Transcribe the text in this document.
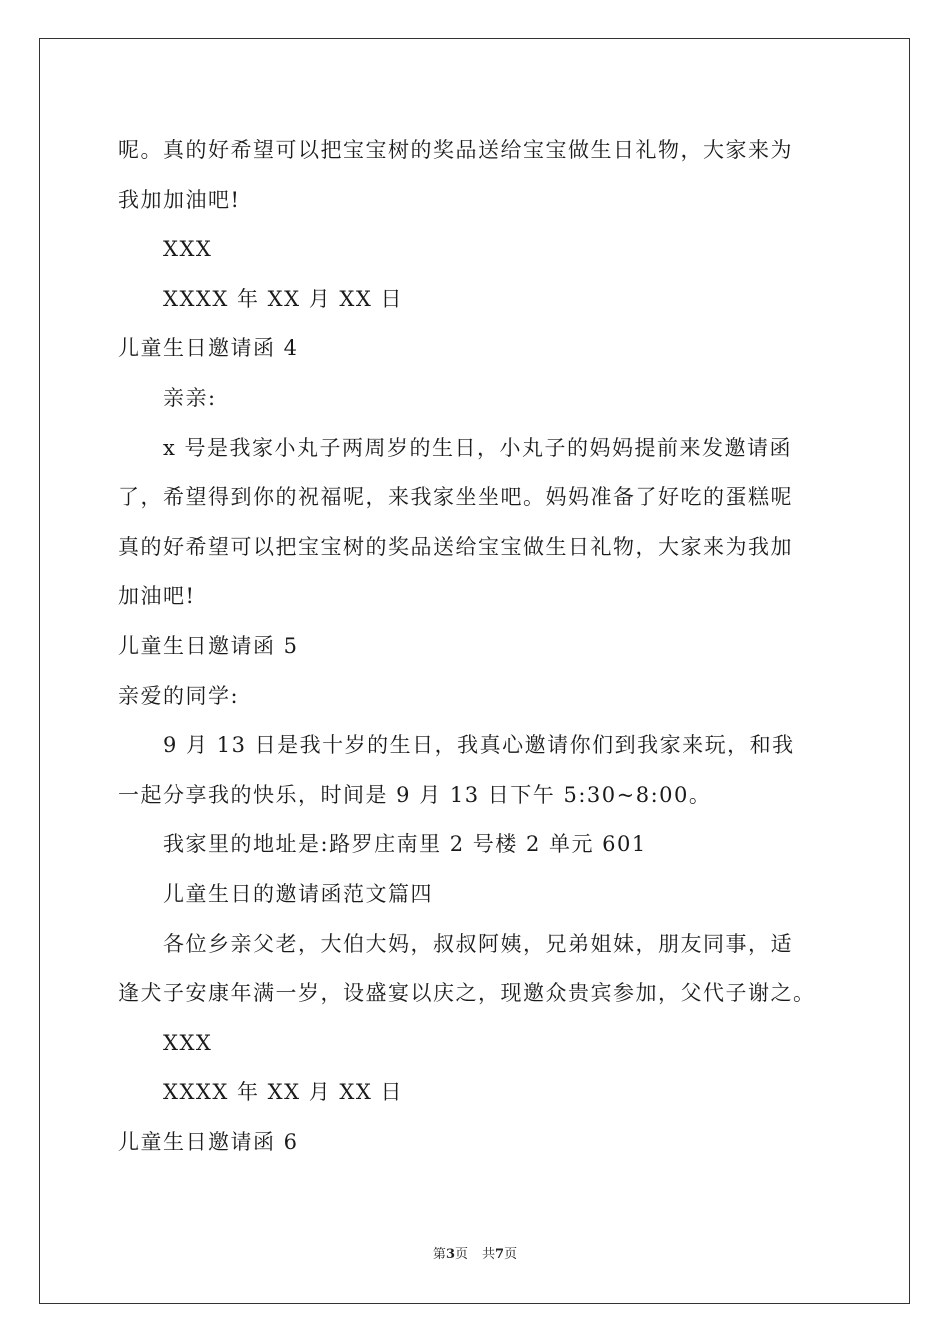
呢。真的好希望可以把宝宝树的奖品送给宝宝做生日礼物，大家来为
我加加油吧!
XXX
XXXX 年 XX 月 XX 日
儿童生日邀请函 4
亲亲:
x 号是我家小丸子两周岁的生日，小丸子的妈妈提前来发邀请函
了，希望得到你的祝福呢，来我家坐坐吧。妈妈准备了好吃的蛋糕呢
真的好希望可以把宝宝树的奖品送给宝宝做生日礼物，大家来为我加
加油吧!
儿童生日邀请函 5
亲爱的同学:
9 月 13 日是我十岁的生日，我真心邀请你们到我家来玩，和我
一起分享我的快乐，时间是 9 月 13 日下午 5:30~8:00。
我家里的地址是:路罗庄南里 2 号楼 2 单元 601
儿童生日的邀请函范文篇四
各位乡亲父老，大伯大妈，叔叔阿姨，兄弟姐妹，朋友同事，适
逢犬子安康年满一岁，设盛宴以庆之，现邀众贵宾参加，父代子谢之。
XXX
XXXX 年 XX 月 XX 日
儿童生日邀请函 6
第3页 共7页
